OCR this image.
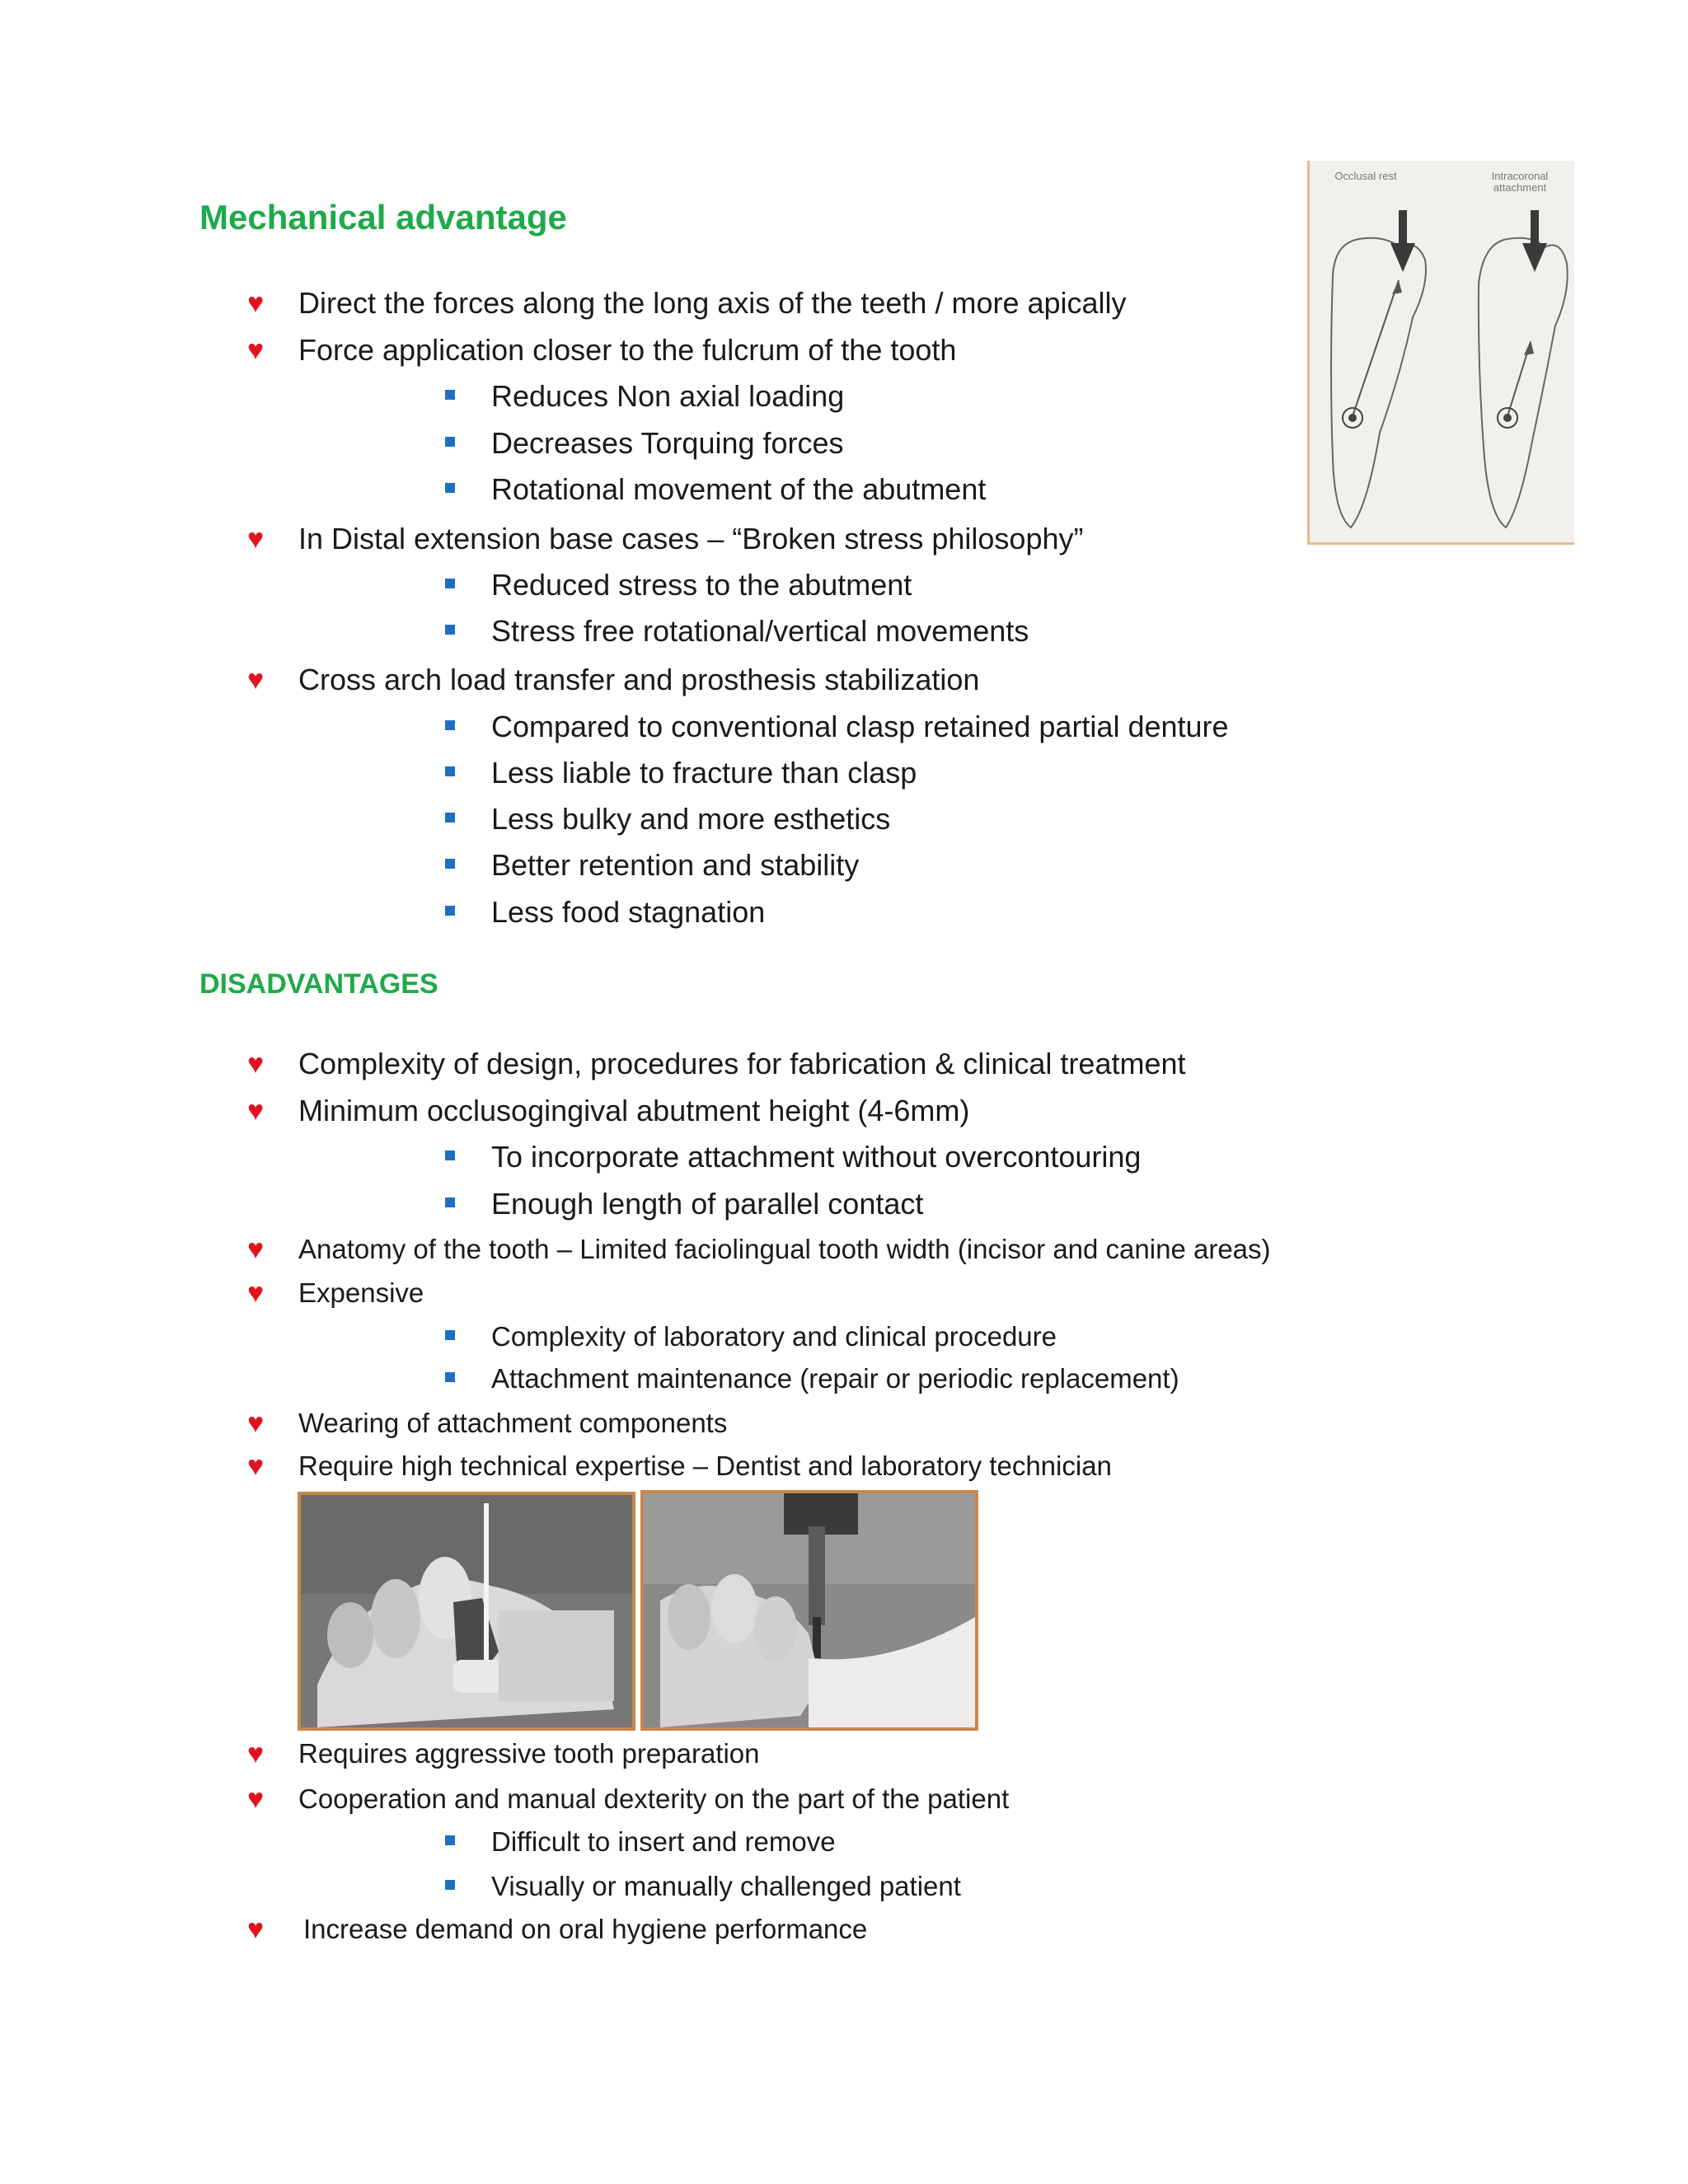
Mechanical advantage
♥ Direct the forces along the long axis of the teeth / more apically
♥ Force application closer to the fulcrum of the tooth
Reduces Non axial loading
Decreases Torquing forces
Rotational movement of the abutment
♥ In Distal extension base cases – “Broken stress philosophy”
Reduced stress to the abutment
Stress free rotational/vertical movements
♥ Cross arch load transfer and prosthesis stabilization
Compared to conventional clasp retained partial denture
Less liable to fracture than clasp
Less bulky and more esthetics
Better retention and stability
Less food stagnation
DISADVANTAGES
♥ Complexity of design, procedures for fabrication & clinical treatment
♥ Minimum occlusogingival abutment height (4-6mm)
To incorporate attachment without overcontouring
Enough length of parallel contact
♥ Anatomy of the tooth – Limited faciolingual tooth width (incisor and canine areas)
♥ Expensive
Complexity of laboratory and clinical procedure
Attachment maintenance (repair or periodic replacement)
♥ Wearing of attachment components
♥ Require high technical expertise – Dentist and laboratory technician
♥ Requires aggressive tooth preparation
♥ Cooperation and manual dexterity on the part of the patient
Difficult to insert and remove
Visually or manually challenged patient
♥ Increase demand on oral hygiene performance
Occlusal rest	Intracoronal attachment
